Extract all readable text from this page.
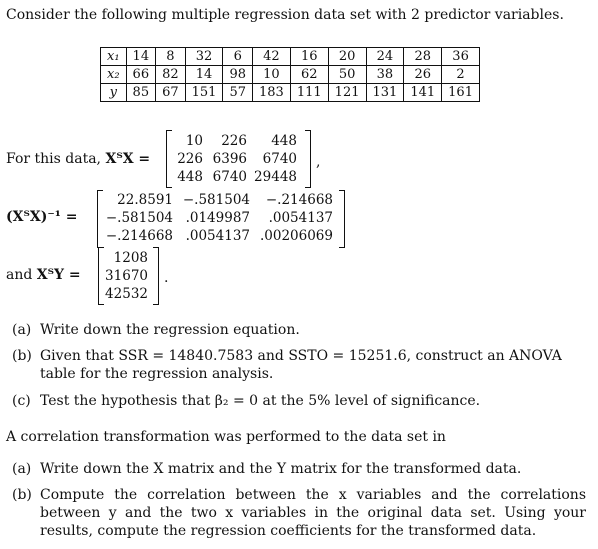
Consider the following multiple regression data set with 2 predictor variables.
x₁	14	8	32	6	42	16	20	24	28	36
x₂	66	82	14	98	10	62	50	38	26	2
y	85	67	151	57	183	111	121	131	141	161
For this data, XᵀX =
10 226 448
226 6396 6740
448 6740 29448
,
(XᵀX)⁻¹ =
22.8591 −.581504 −.214668
−.581504 .0149987 .0054137
−.214668 .0054137 .00206069
and XᵀY =
1208
31670
42532
.
(a) Write down the regression equation.
(b) Given that SSR = 14840.7583 and SSTO = 15251.6, construct an ANOVA table for the regression analysis.
(c) Test the hypothesis that β₂ = 0 at the 5% level of significance.
A correlation transformation was performed to the data set in
(a) Write down the X matrix and the Y matrix for the transformed data.
(b) Compute the correlation between the x variables and the correlations between y and the two x variables in the original data set. Using your results, compute the regression coefficients for the transformed data.
